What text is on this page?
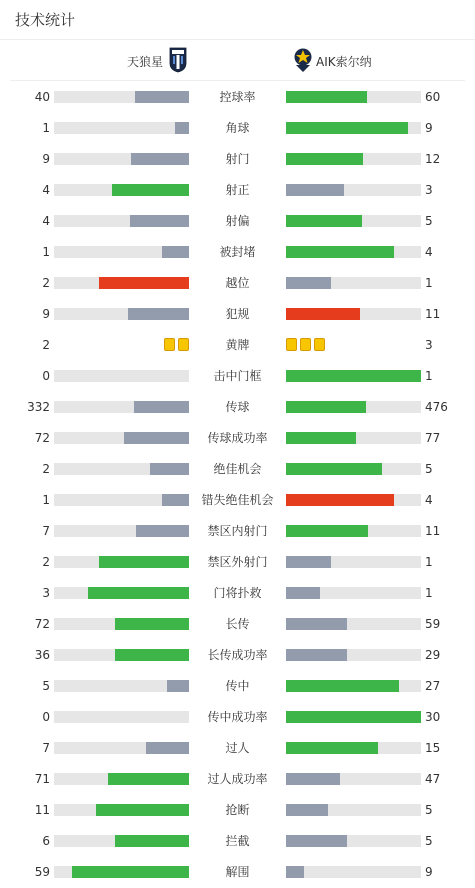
技术统计
天狼星	AIK索尔纳
40	控球率	60
1	角球	9
9	射门	12
4	射正	3
4	射偏	5
1	被封堵	4
2	越位	1
9	犯规	11
2	黄牌	3
0	击中门框	1
332	传球	476
72	传球成功率	77
2	绝佳机会	5
1	错失绝佳机会	4
7	禁区内射门	11
2	禁区外射门	1
3	门将扑救	1
72	长传	59
36	长传成功率	29
5	传中	27
0	传中成功率	30
7	过人	15
71	过人成功率	47
11	抢断	5
6	拦截	5
59	解围	9
